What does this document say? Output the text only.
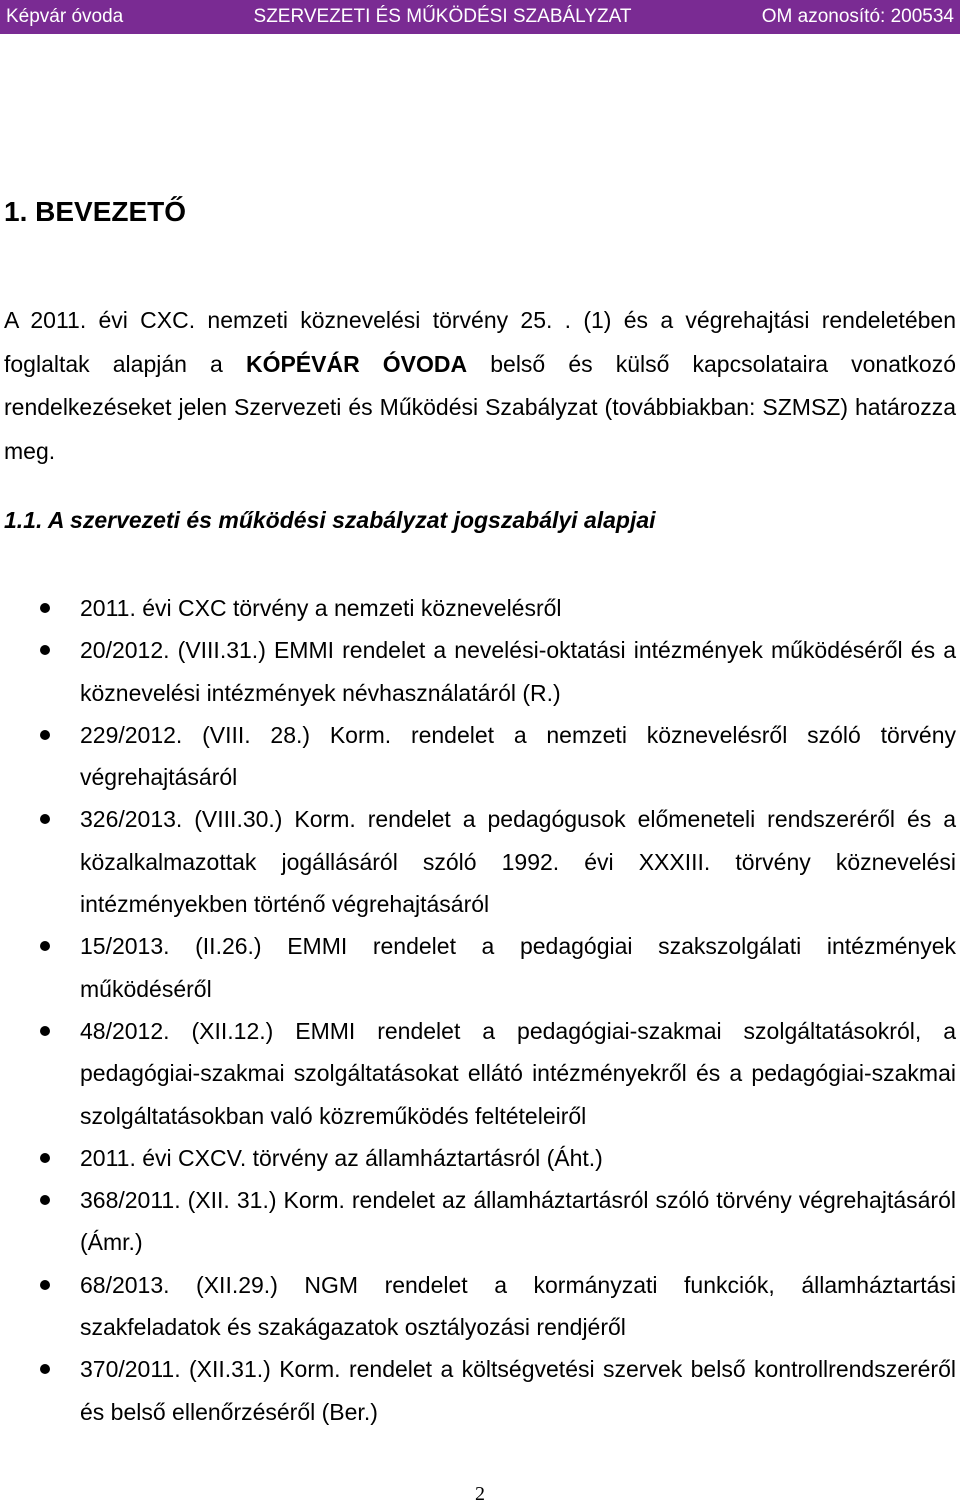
Képvár óvoda	SZERVEZETI ÉS MŰKÖDÉSI SZABÁLYZAT	OM azonosító: 200534
1. BEVEZETŐ

A 2011. évi CXC. nemzeti köznevelési törvény 25. . (1) és a végrehajtási rendeletében foglaltak alapján a KÓPÉVÁR ÓVODA belső és külső kapcsolataira vonatkozó rendelkezéseket jelen Szervezeti és Működési Szabályzat (továbbiakban: SZMSZ) határozza meg.

1.1. A szervezeti és működési szabályzat jogszabályi alapjai
2011. évi CXC törvény a nemzeti köznevelésről
20/2012. (VIII.31.) EMMI rendelet a nevelési-oktatási intézmények működéséről és a köznevelési intézmények névhasználatáról (R.)
229/2012. (VIII. 28.) Korm. rendelet a nemzeti köznevelésről szóló törvény végrehajtásáról
326/2013. (VIII.30.) Korm. rendelet a pedagógusok előmeneteli rendszeréről és a közalkalmazottak jogállásáról szóló 1992. évi XXXIII. törvény köznevelési intézményekben történő végrehajtásáról
15/2013. (II.26.) EMMI rendelet a pedagógiai szakszolgálati intézmények működéséről
48/2012. (XII.12.) EMMI rendelet a pedagógiai-szakmai szolgáltatásokról, a pedagógiai-szakmai szolgáltatásokat ellátó intézményekről és a pedagógiai-szakmai szolgáltatásokban való közreműködés feltételeiről
2011. évi CXCV. törvény az államháztartásról (Áht.)
368/2011. (XII. 31.) Korm. rendelet az államháztartásról szóló törvény végrehajtásáról (Ámr.)
68/2013. (XII.29.) NGM rendelet a kormányzati funkciók, államháztartási szakfeladatok és szakágazatok osztályozási rendjéről
370/2011. (XII.31.) Korm. rendelet a költségvetési szervek belső kontrollrendszeréről és belső ellenőrzéséről (Ber.)
2
